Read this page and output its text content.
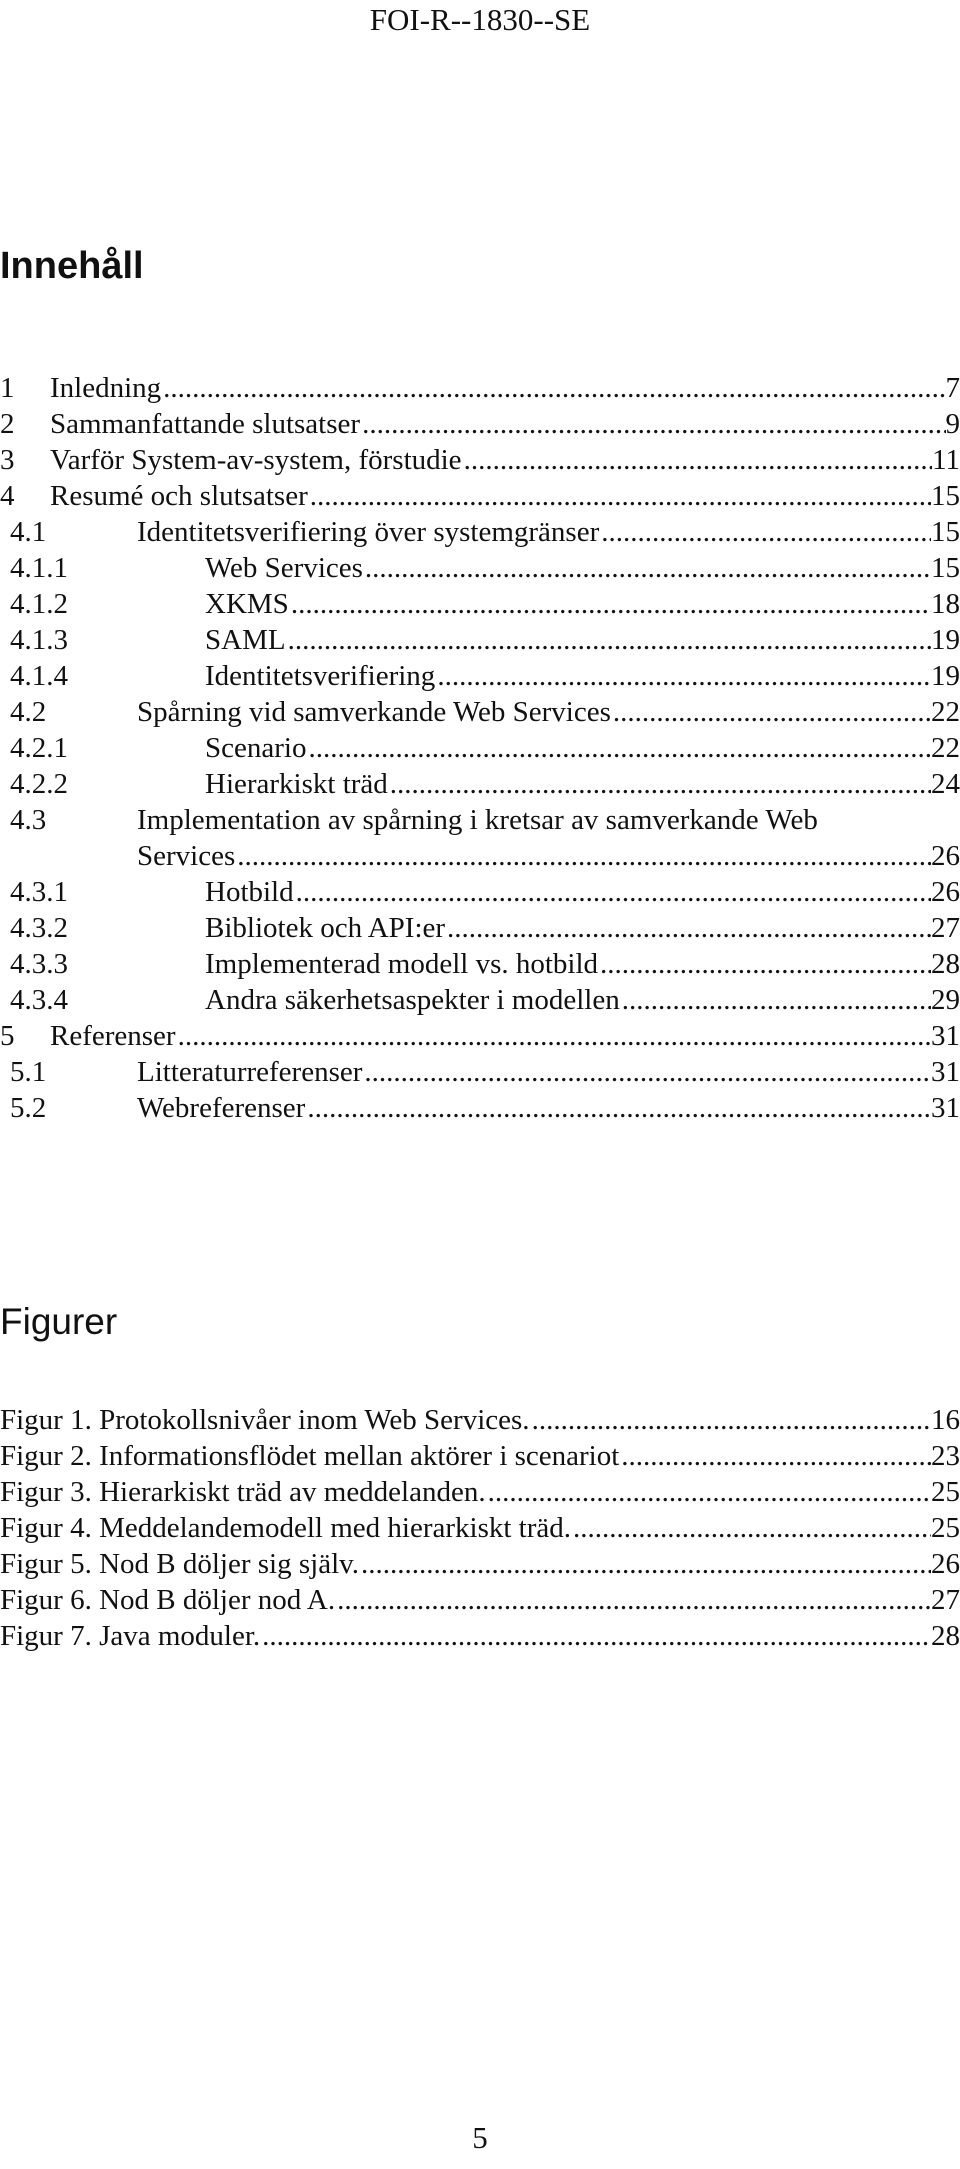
FOI-R--1830--SE
Innehåll
1 Inledning .....	7
2 Sammanfattande slutsatser .....	9
3 Varför System-av-system, förstudie .....	11
4 Resumé och slutsatser .....	15
4.1	Identitetsverifiering över systemgränser .....	15
4.1.1	Web Services .....	15
4.1.2	XKMS .....	18
4.1.3	SAML .....	19
4.1.4	Identitetsverifiering .....	19
4.2	Spårning vid samverkande Web Services .....	22
4.2.1	Scenario .....	22
4.2.2	Hierarkiskt träd .....	24
4.3	Implementation av spårning i kretsar av samverkande Web
Services .....	26
4.3.1	Hotbild .....	26
4.3.2	Bibliotek och API:er .....	27
4.3.3	Implementerad modell vs. hotbild .....	28
4.3.4	Andra säkerhetsaspekter i modellen .....	29
5 Referenser .....	31
5.1	Litteraturreferenser .....	31
5.2	Webreferenser .....	31
Figurer
Figur 1. Protokollsnivåer inom Web Services. .....	16
Figur 2. Informationsflödet mellan aktörer i scenariot .....	23
Figur 3. Hierarkiskt träd av meddelanden. .....	25
Figur 4. Meddelandemodell med hierarkiskt träd. .....	25
Figur 5. Nod B döljer sig själv. .....	26
Figur 6. Nod B döljer nod A. .....	27
Figur 7. Java moduler. .....	28
5
